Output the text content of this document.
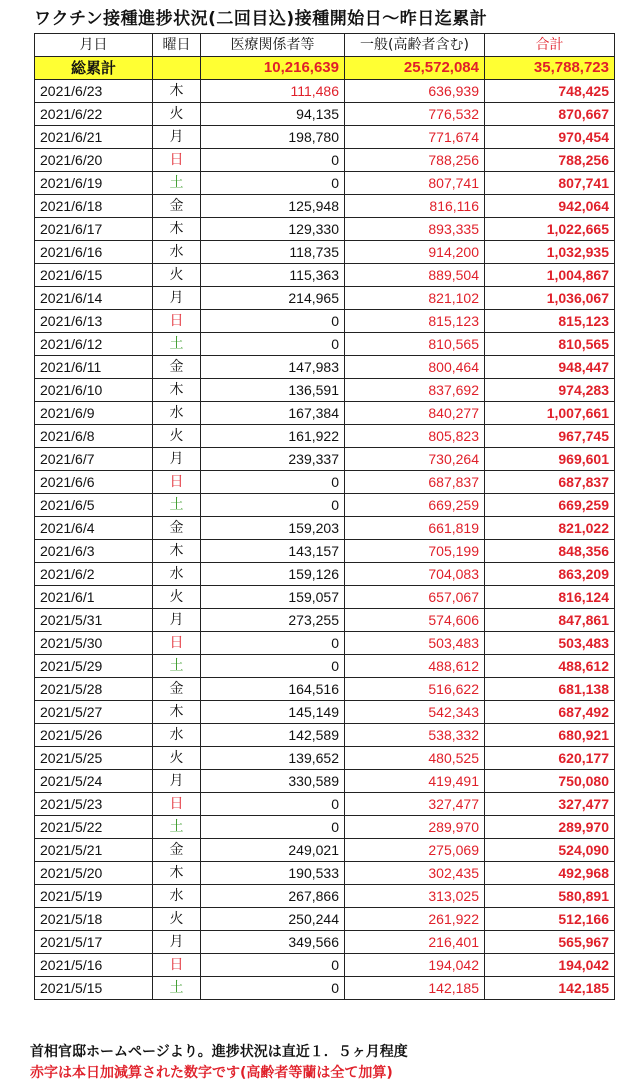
ワクチン接種進捗状況(二回目込)接種開始日～昨日迄累計
月日	曜日	医療関係者等	一般(高齢者含む)	合計
総累計		10,216,639	25,572,084	35,788,723
2021/6/23	木	111,486	636,939	748,425
2021/6/22	火	94,135	776,532	870,667
2021/6/21	月	198,780	771,674	970,454
2021/6/20	日	0	788,256	788,256
2021/6/19	土	0	807,741	807,741
2021/6/18	金	125,948	816,116	942,064
2021/6/17	木	129,330	893,335	1,022,665
2021/6/16	水	118,735	914,200	1,032,935
2021/6/15	火	115,363	889,504	1,004,867
2021/6/14	月	214,965	821,102	1,036,067
2021/6/13	日	0	815,123	815,123
2021/6/12	土	0	810,565	810,565
2021/6/11	金	147,983	800,464	948,447
2021/6/10	木	136,591	837,692	974,283
2021/6/9	水	167,384	840,277	1,007,661
2021/6/8	火	161,922	805,823	967,745
2021/6/7	月	239,337	730,264	969,601
2021/6/6	日	0	687,837	687,837
2021/6/5	土	0	669,259	669,259
2021/6/4	金	159,203	661,819	821,022
2021/6/3	木	143,157	705,199	848,356
2021/6/2	水	159,126	704,083	863,209
2021/6/1	火	159,057	657,067	816,124
2021/5/31	月	273,255	574,606	847,861
2021/5/30	日	0	503,483	503,483
2021/5/29	土	0	488,612	488,612
2021/5/28	金	164,516	516,622	681,138
2021/5/27	木	145,149	542,343	687,492
2021/5/26	水	142,589	538,332	680,921
2021/5/25	火	139,652	480,525	620,177
2021/5/24	月	330,589	419,491	750,080
2021/5/23	日	0	327,477	327,477
2021/5/22	土	0	289,970	289,970
2021/5/21	金	249,021	275,069	524,090
2021/5/20	木	190,533	302,435	492,968
2021/5/19	水	267,866	313,025	580,891
2021/5/18	火	250,244	261,922	512,166
2021/5/17	月	349,566	216,401	565,967
2021/5/16	日	0	194,042	194,042
2021/5/15	土	0	142,185	142,185
首相官邸ホームページより。進捗状況は直近１．５ヶ月程度
赤字は本日加減算された数字です(高齢者等蘭は全て加算)
